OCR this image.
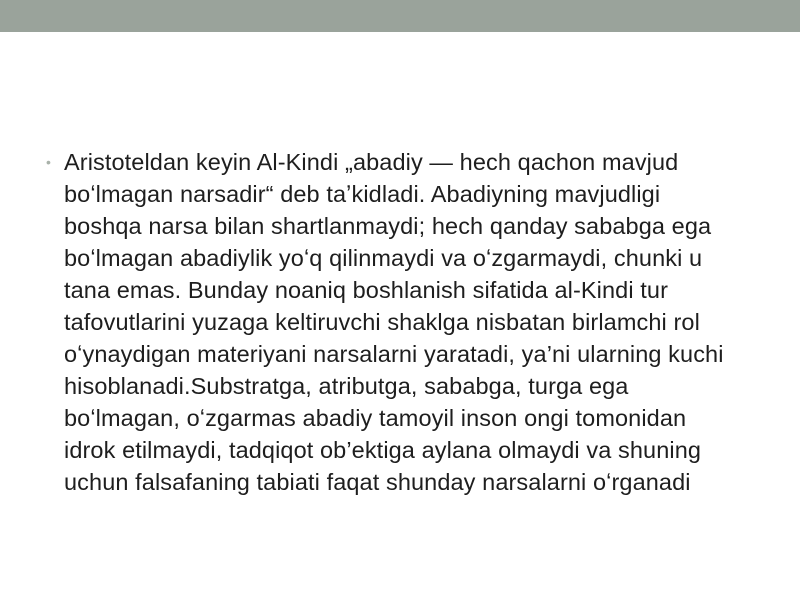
• Aristoteldan keyin Al-Kindi „abadiy — hech qachon mavjud boʻlmagan narsadir“ deb taʼkidladi. Abadiyning mavjudligi boshqa narsa bilan shartlanmaydi; hech qanday sababga ega boʻlmagan abadiylik yoʻq qilinmaydi va oʻzgarmaydi, chunki u tana emas. Bunday noaniq boshlanish sifatida al-Kindi tur tafovutlarini yuzaga keltiruvchi shaklga nisbatan birlamchi rol oʻynaydigan materiyani narsalarni yaratadi, ya’ni ularning kuchi hisoblanadi.Substratga, atributga, sababga, turga ega boʻlmagan, oʻzgarmas abadiy tamoyil inson ongi tomonidan idrok etilmaydi, tadqiqot ob’ektiga aylana olmaydi va shuning uchun falsafaning tabiati faqat shunday narsalarni oʻrganadi
